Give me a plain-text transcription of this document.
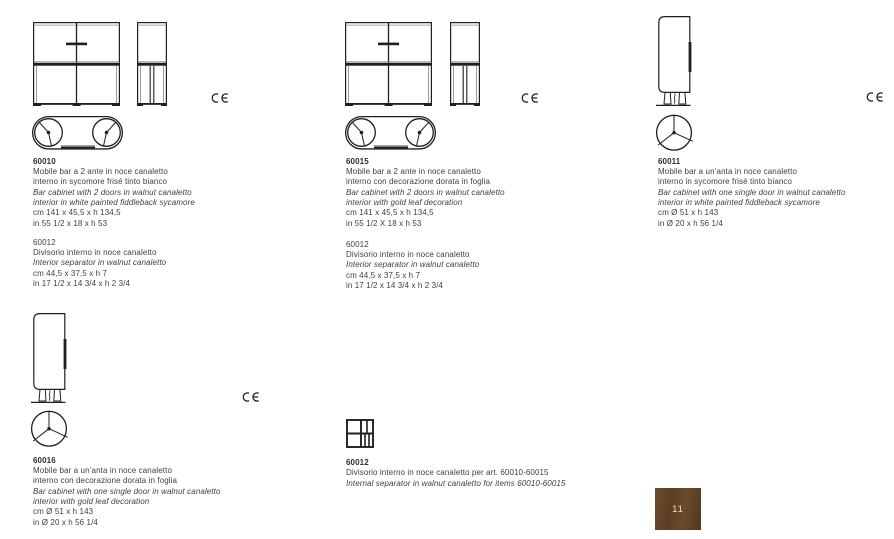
60010
Mobile bar a 2 ante in noce canaletto
interno in sycomore frisé tinto bianco
Bar cabinet with 2 doors in walnut canaletto
interior in white painted fiddleback sycamore
cm 141 x 45,5 x h 134,5
in 55 1/2 x 18 x h 53
60012
Divisorio interno in noce canaletto
Interior separator in walnut canaletto
cm 44,5 x 37,5 x h 7
in 17 1/2 x 14 3/4 x h 2 3/4
60015
Mobile bar a 2 ante in noce canaletto
interno con decorazione dorata in foglia
Bar cabinet with 2 doors in walnut canaletto
interior with gold leaf decoration
cm 141 x 45,5 x h 134,5
in 55 1/2 X 18 x h 53
60012
Divisorio interno in noce canaletto
Interior separator in walnut canaletto
cm 44,5 x 37,5 x h 7
in 17 1/2 x 14 3/4 x h 2 3/4
60011
Mobile bar a un’anta in noce canaletto
interno in sycomore frisé tinto bianco
Bar cabinet with one single door in walnut canaletto
interior in white painted fiddleback sycamore
cm Ø 51 x h 143
in Ø 20 x h 56 1/4
60016
Mobile bar a un’anta in noce canaletto
interno con decorazione dorata in foglia
Bar cabinet with one single door in walnut canaletto
interior with gold leaf decoration
cm Ø 51 x h 143
in Ø 20 x h 56 1/4
60012
Divisorio interno in noce canaletto per art. 60010-60015
Internal separator in walnut canaletto for items 60010-60015
11
